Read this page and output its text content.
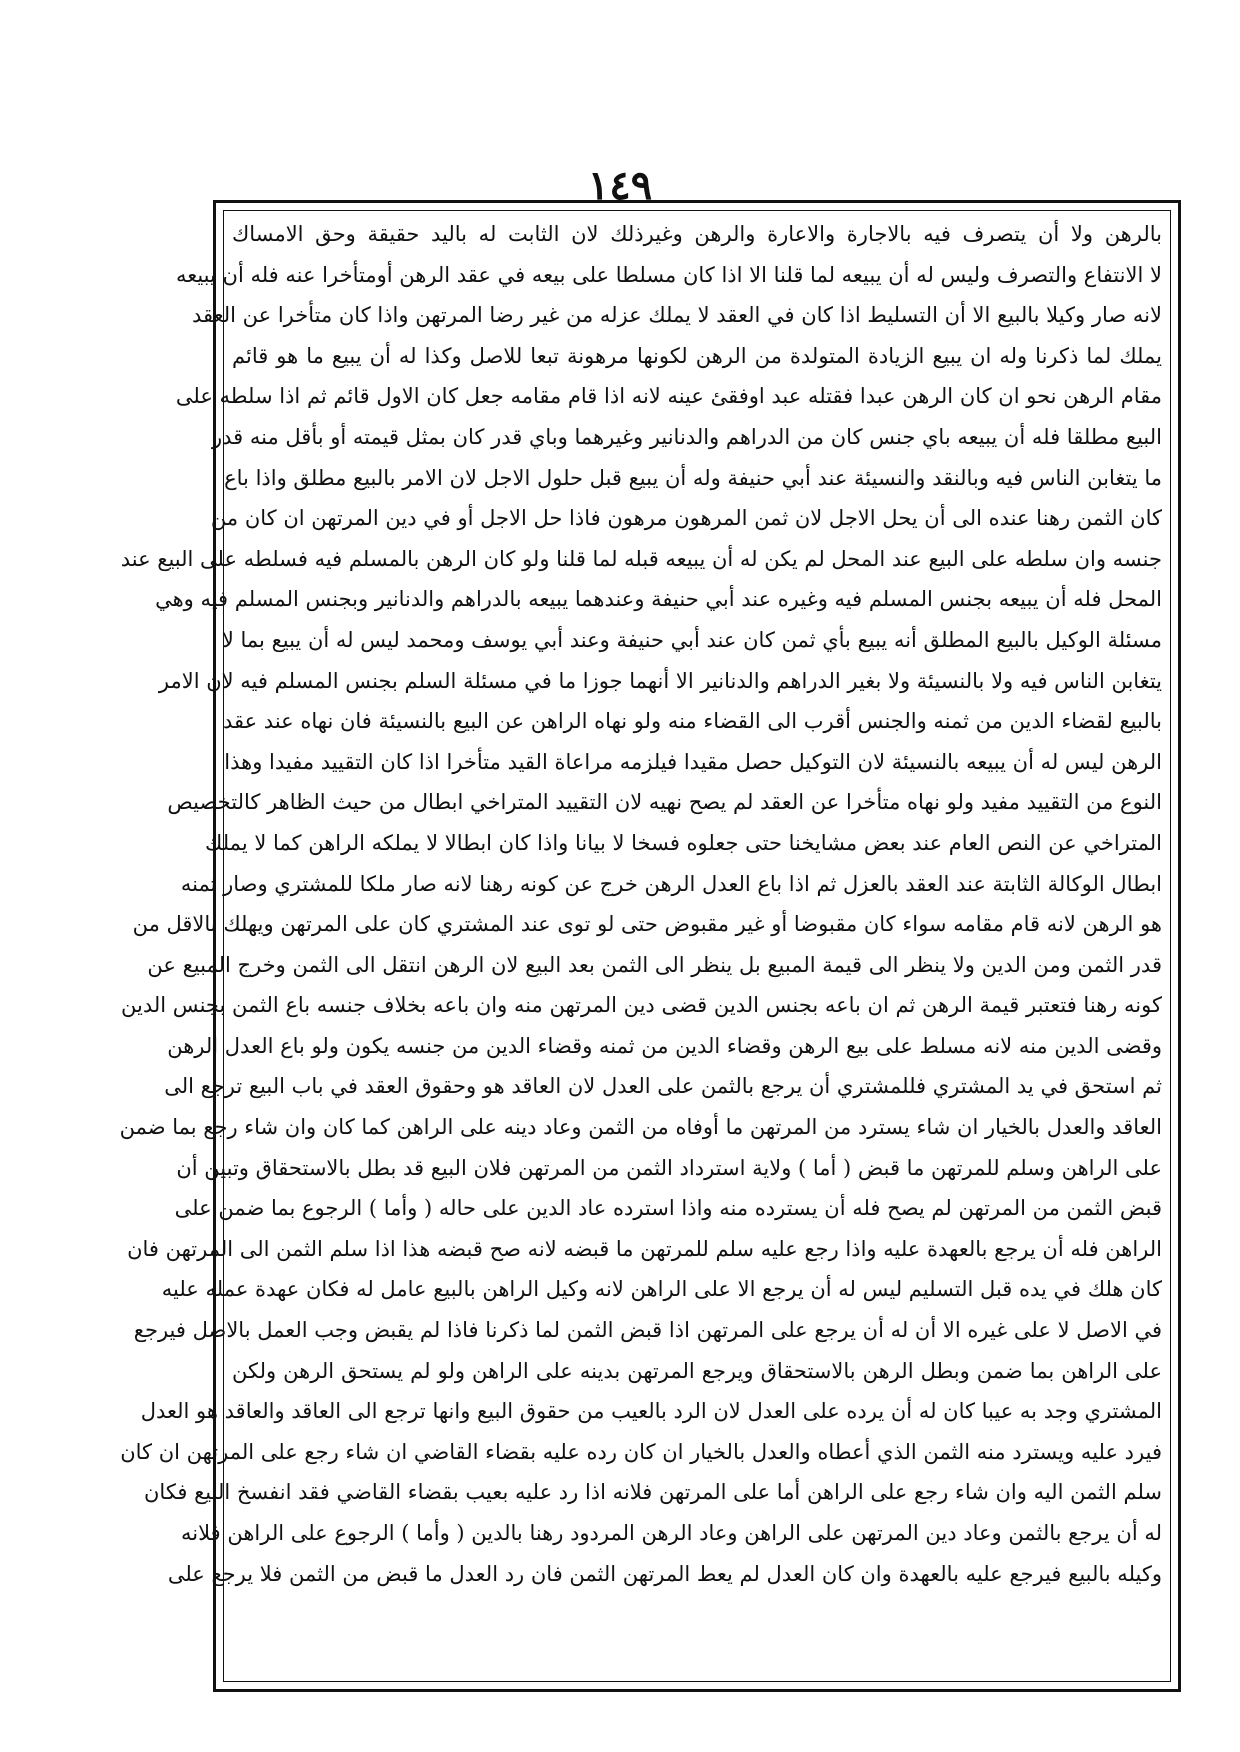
١٤٩
بالرهن ولا أن يتصرف فيه بالاجارة والاعارة والرهن وغيرذلك لان الثابت له باليد حقيقة وحق الامساك
لا الانتفاع والتصرف وليس له أن يبيعه لما قلنا الا اذا كان مسلطا على بيعه في عقد الرهن أومتأخرا عنه فله أن يبيعه
لانه صار وكيلا بالبيع الا أن التسليط اذا كان في العقد لا يملك عزله من غير رضا المرتهن واذا كان متأخرا عن العقد
يملك لما ذكرنا وله ان يبيع الزيادة المتولدة من الرهن لكونها مرهونة تبعا للاصل وكذا له أن يبيع ما هو قائم
مقام الرهن نحو ان كان الرهن عبدا فقتله عبد اوفقئ عينه لانه اذا قام مقامه جعل كان الاول قائم ثم اذا سلطه على
البيع مطلقا فله أن يبيعه باي جنس كان من الدراهم والدنانير وغيرهما وباي قدر كان بمثل قيمته أو بأقل منه قدر
ما يتغابن الناس فيه وبالنقد والنسيئة عند أبي حنيفة وله أن يبيع قبل حلول الاجل لان الامر بالبيع مطلق واذا باع
كان الثمن رهنا عنده الى أن يحل الاجل لان ثمن المرهون مرهون فاذا حل الاجل أو في دين المرتهن ان كان من
جنسه وان سلطه على البيع عند المحل لم يكن له أن يبيعه قبله لما قلنا ولو كان الرهن بالمسلم فيه فسلطه على البيع عند
المحل فله أن يبيعه بجنس المسلم فيه وغيره عند أبي حنيفة وعندهما يبيعه بالدراهم والدنانير وبجنس المسلم فيه وهي
مسئلة الوكيل بالبيع المطلق أنه يبيع بأي ثمن كان عند أبي حنيفة وعند أبي يوسف ومحمد ليس له أن يبيع بما لا
يتغابن الناس فيه ولا بالنسيئة ولا بغير الدراهم والدنانير الا أنهما جوزا ما في مسئلة السلم بجنس المسلم فيه لان الامر
بالبيع لقضاء الدين من ثمنه والجنس أقرب الى القضاء منه ولو نهاه الراهن عن البيع بالنسيئة فان نهاه عند عقد
الرهن ليس له أن يبيعه بالنسيئة لان التوكيل حصل مقيدا فيلزمه مراعاة القيد متأخرا اذا كان التقييد مفيدا وهذا
النوع من التقييد مفيد ولو نهاه متأخرا عن العقد لم يصح نهيه لان التقييد المتراخي ابطال من حيث الظاهر كالتخصيص
المتراخي عن النص العام عند بعض مشايخنا حتى جعلوه فسخا لا بيانا واذا كان ابطالا لا يملكه الراهن كما لا يملك
ابطال الوكالة الثابتة عند العقد بالعزل ثم اذا باع العدل الرهن خرج عن كونه رهنا لانه صار ملكا للمشتري وصار ثمنه
هو الرهن لانه قام مقامه سواء كان مقبوضا أو غير مقبوض حتى لو توى عند المشتري كان على المرتهن ويهلك بالاقل من
قدر الثمن ومن الدين ولا ينظر الى قيمة المبيع بل ينظر الى الثمن بعد البيع لان الرهن انتقل الى الثمن وخرج المبيع عن
كونه رهنا فتعتبر قيمة الرهن ثم ان باعه بجنس الدين قضى دين المرتهن منه وان باعه بخلاف جنسه باع الثمن بجنس الدين
وقضى الدين منه لانه مسلط على بيع الرهن وقضاء الدين من ثمنه وقضاء الدين من جنسه يكون ولو باع العدل الرهن
ثم استحق في يد المشتري فللمشتري أن يرجع بالثمن على العدل لان العاقد هو وحقوق العقد في باب البيع ترجع الى
العاقد والعدل بالخيار ان شاء يسترد من المرتهن ما أوفاه من الثمن وعاد دينه على الراهن كما كان وان شاء رجع بما ضمن
على الراهن وسلم للمرتهن ما قبض ( أما ) ولاية استرداد الثمن من المرتهن فلان البيع قد بطل بالاستحقاق وتبين أن
قبض الثمن من المرتهن لم يصح فله أن يسترده منه واذا استرده عاد الدين على حاله ( وأما ) الرجوع بما ضمن على
الراهن فله أن يرجع بالعهدة عليه واذا رجع عليه سلم للمرتهن ما قبضه لانه صح قبضه هذا اذا سلم الثمن الى المرتهن فان
كان هلك في يده قبل التسليم ليس له أن يرجع الا على الراهن لانه وكيل الراهن بالبيع عامل له فكان عهدة عمله عليه
في الاصل لا على غيره الا أن له أن يرجع على المرتهن اذا قبض الثمن لما ذكرنا فاذا لم يقبض وجب العمل بالاصل فيرجع
على الراهن بما ضمن وبطل الرهن بالاستحقاق ويرجع المرتهن بدينه على الراهن ولو لم يستحق الرهن ولكن
المشتري وجد به عيبا كان له أن يرده على العدل لان الرد بالعيب من حقوق البيع وانها ترجع الى العاقد والعاقد هو العدل
فيرد عليه ويسترد منه الثمن الذي أعطاه والعدل بالخيار ان كان رده عليه بقضاء القاضي ان شاء رجع على المرتهن ان كان
سلم الثمن اليه وان شاء رجع على الراهن أما على المرتهن فلانه اذا رد عليه بعيب بقضاء القاضي فقد انفسخ البيع فكان
له أن يرجع بالثمن وعاد دين المرتهن على الراهن وعاد الرهن المردود رهنا بالدين ( وأما ) الرجوع على الراهن فلانه
وكيله بالبيع فيرجع عليه بالعهدة وان كان العدل لم يعط المرتهن الثمن فان رد العدل ما قبض من الثمن فلا يرجع على
